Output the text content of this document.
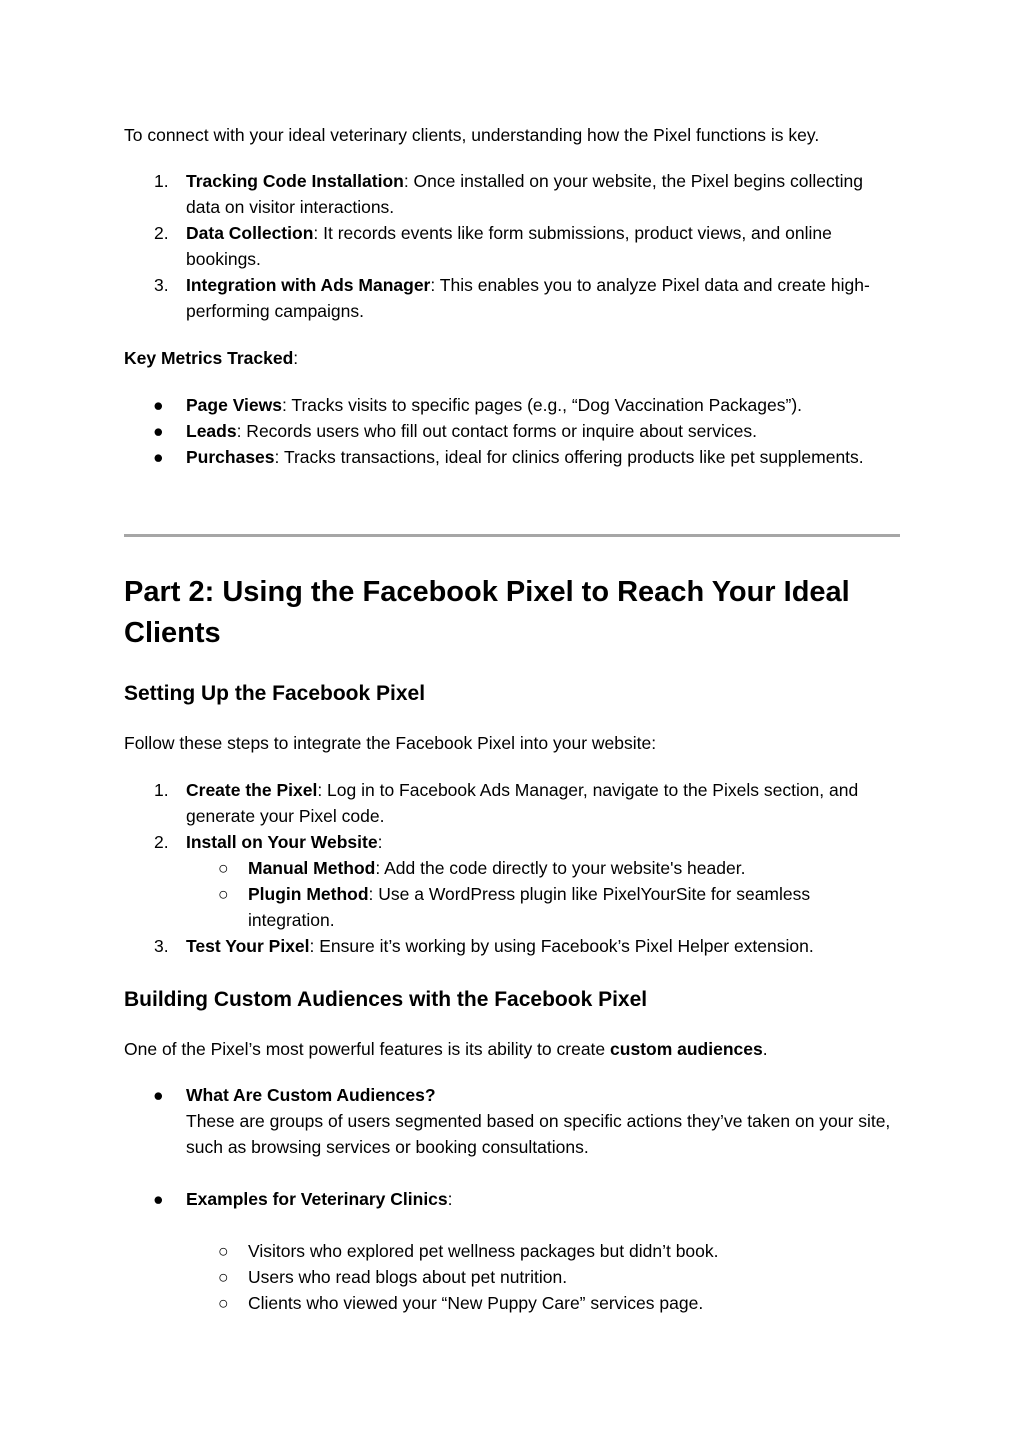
To connect with your ideal veterinary clients, understanding how the Pixel functions is key.

1. Tracking Code Installation: Once installed on your website, the Pixel begins collecting data on visitor interactions.
2. Data Collection: It records events like form submissions, product views, and online bookings.
3. Integration with Ads Manager: This enables you to analyze Pixel data and create high-performing campaigns.

Key Metrics Tracked:

● Page Views: Tracks visits to specific pages (e.g., “Dog Vaccination Packages”).
● Leads: Records users who fill out contact forms or inquire about services.
● Purchases: Tracks transactions, ideal for clinics offering products like pet supplements.
Part 2: Using the Facebook Pixel to Reach Your Ideal Clients
Setting Up the Facebook Pixel

Follow these steps to integrate the Facebook Pixel into your website:

1. Create the Pixel: Log in to Facebook Ads Manager, navigate to the Pixels section, and generate your Pixel code.
2. Install on Your Website:
○ Manual Method: Add the code directly to your website's header.
○ Plugin Method: Use a WordPress plugin like PixelYourSite for seamless integration.
3. Test Your Pixel: Ensure it’s working by using Facebook’s Pixel Helper extension.
Building Custom Audiences with the Facebook Pixel

One of the Pixel’s most powerful features is its ability to create custom audiences.

● What Are Custom Audiences?
These are groups of users segmented based on specific actions they’ve taken on your site, such as browsing services or booking consultations.
● Examples for Veterinary Clinics:
○ Visitors who explored pet wellness packages but didn’t book.
○ Users who read blogs about pet nutrition.
○ Clients who viewed your “New Puppy Care” services page.
